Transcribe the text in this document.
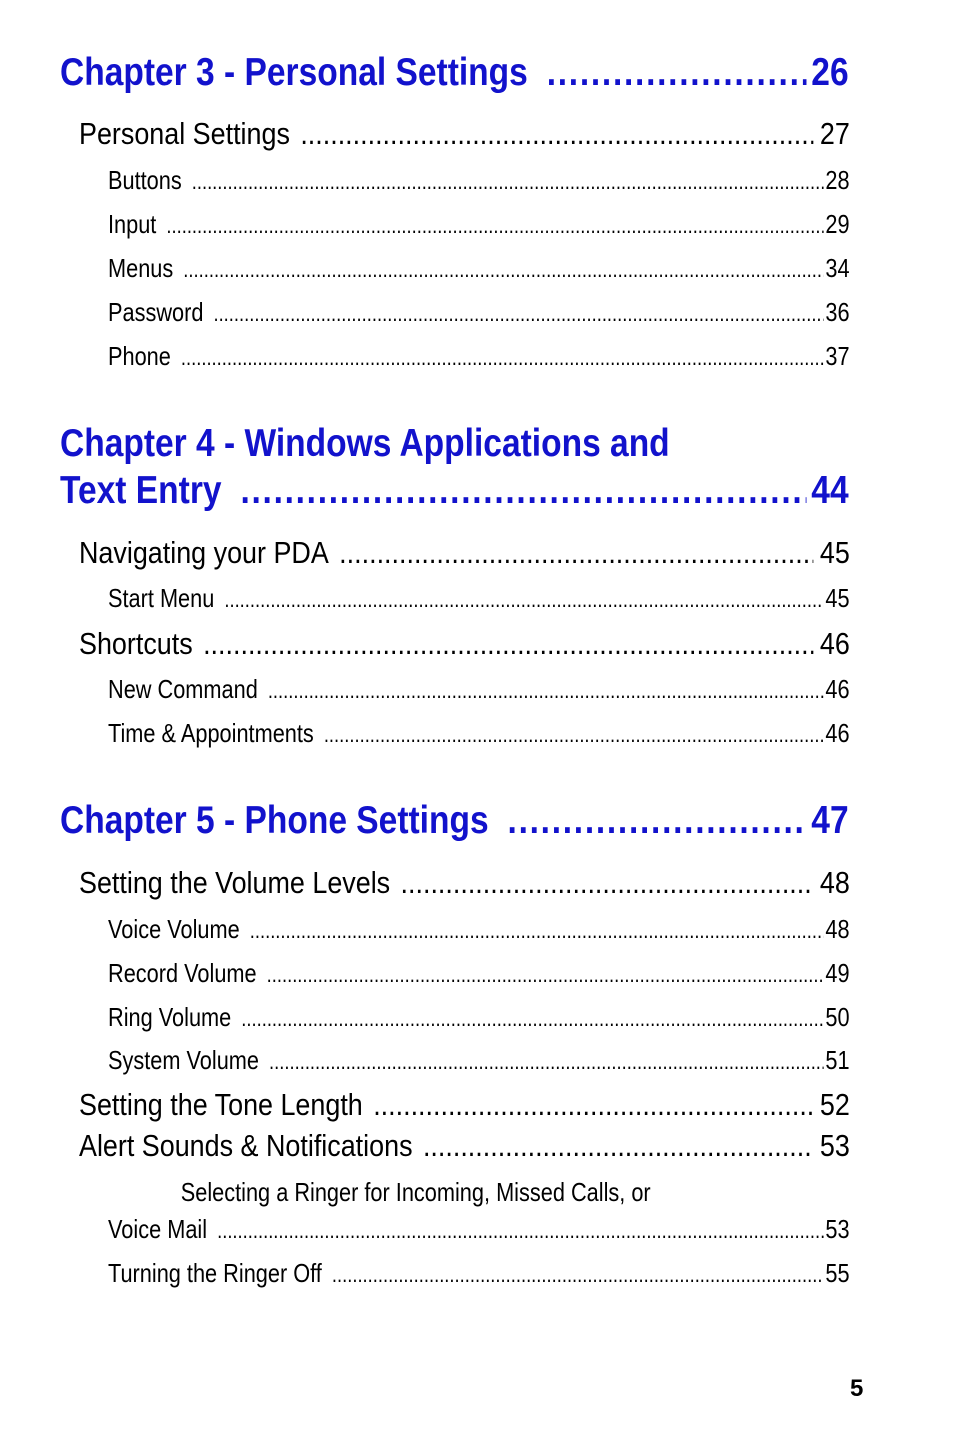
Chapter 3 - Personal Settings .....	26
Personal Settings .....	27
Buttons .....	28
Input .....	29
Menus .....	34
Password .....	36
Phone .....	37
Chapter 4 - Windows Applications and
Text Entry .....	44
Navigating your PDA .....	45
Start Menu .....	45
Shortcuts .....	46
New Command .....	46
Time & Appointments .....	46
Chapter 5 - Phone Settings .....	47
Setting the Volume Levels .....	48
Voice Volume .....	48
Record Volume .....	49
Ring Volume .....	50
System Volume .....	51
Setting the Tone Length .....	52
Alert Sounds & Notifications .....	53
Selecting a Ringer for Incoming, Missed Calls, or
Voice Mail .....	53
Turning the Ringer Off .....	55
5
